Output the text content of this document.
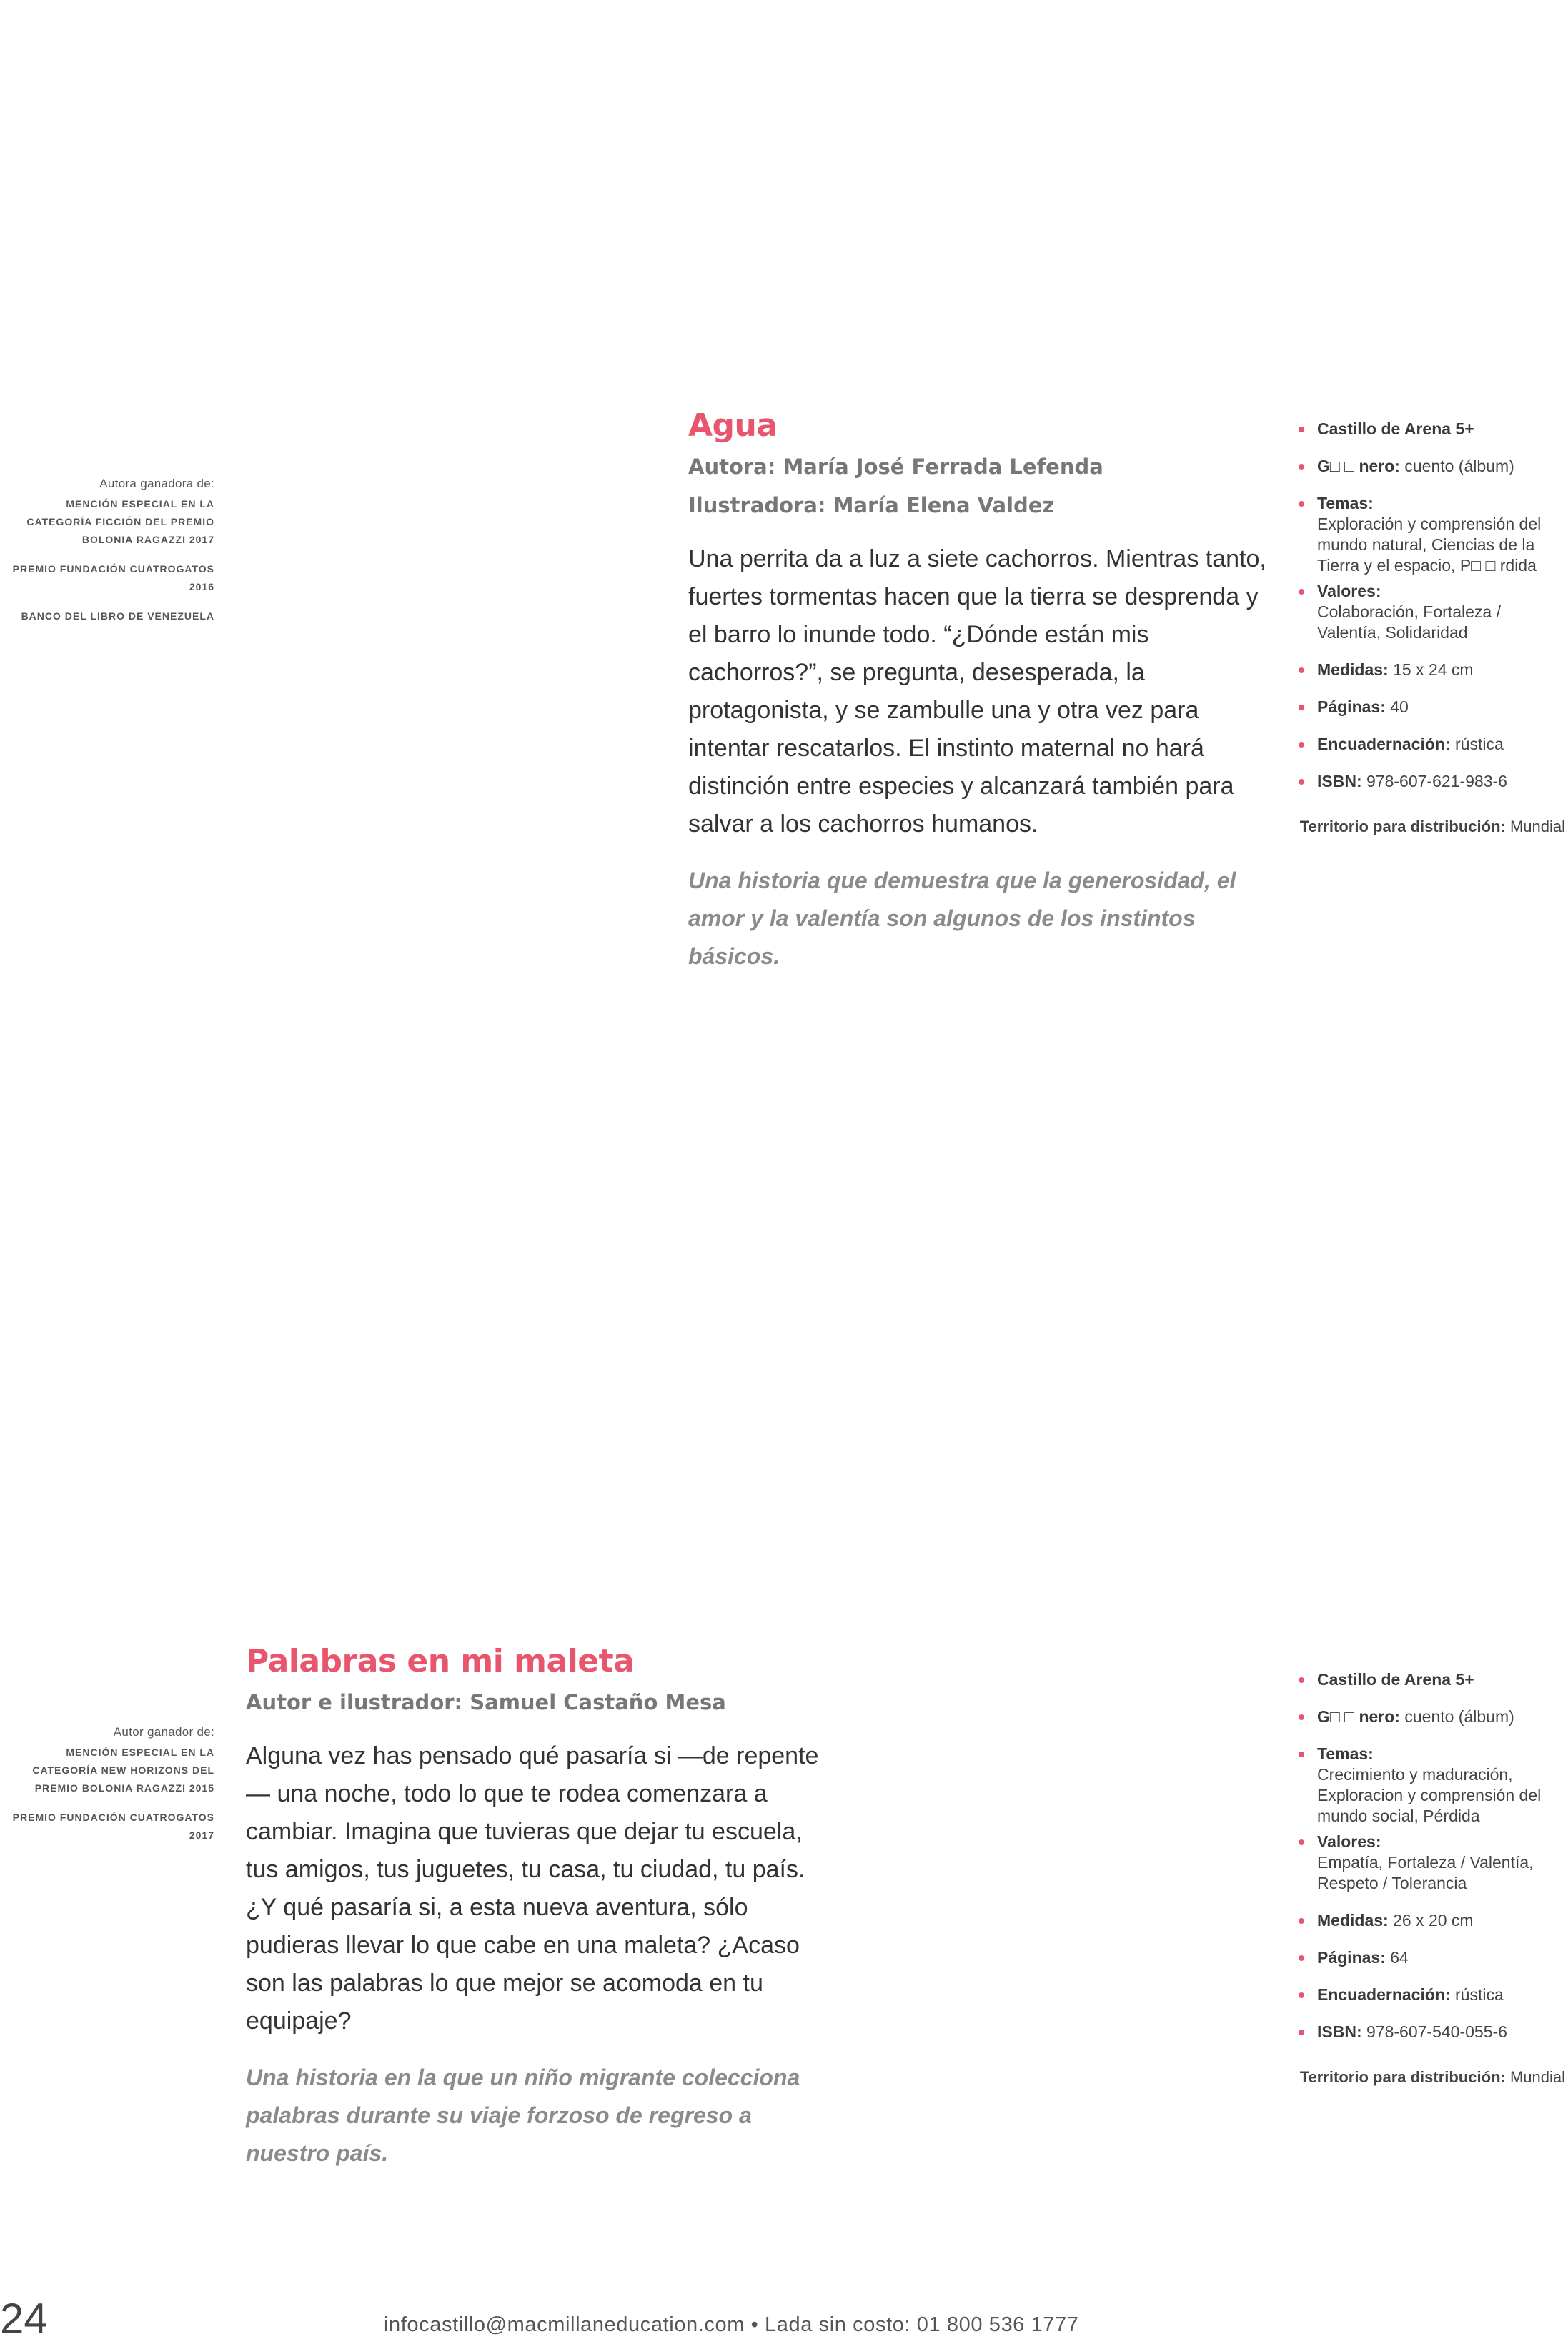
Autora ganadora de:
MENCIÓN ESPECIAL EN LA CATEGORÍA FICCIÓN DEL PREMIO BOLONIA RAGAZZI 2017
PREMIO FUNDACIÓN CUATROGATOS 2016
BANCO DEL LIBRO DE VENEZUELA
Agua
Autora: María José Ferrada Lefenda
Ilustradora: María Elena Valdez

Una perrita da a luz a siete cachorros. Mientras tanto, fuertes tormentas hacen que la tierra se desprenda y el barro lo inunde todo. “¿Dónde están mis cachorros?”, se pregunta, desesperada, la protagonista, y se zambulle una y otra vez para intentar rescatarlos. El instinto maternal no hará distinción entre especies y alcanzará también para salvar a los cachorros humanos.

Una historia que demuestra que la generosidad, el amor y la valentía son algunos de los instintos básicos.

Castillo de Arena 5+
G□ □ nero: cuento (álbum)
Temas:
Exploración y comprensión del mundo natural, Ciencias de la Tierra y el espacio, P□ □ rdida
Valores:
Colaboración, Fortaleza / Valentía, Solidaridad
Medidas: 15 x 24 cm
Páginas: 40
Encuadernación: rústica
ISBN: 978-607-621-983-6
Territorio para distribución: Mundial
Autor ganador de:
MENCIÓN ESPECIAL EN LA CATEGORÍA NEW HORIZONS DEL PREMIO BOLONIA RAGAZZI 2015
PREMIO FUNDACIÓN CUATROGATOS 2017
Palabras en mi maleta
Autor e ilustrador: Samuel Castaño Mesa

Alguna vez has pensado qué pasaría si —de repente— una noche, todo lo que te rodea comenzara a cambiar. Imagina que tuvieras que dejar tu escuela, tus amigos, tus juguetes, tu casa, tu ciudad, tu país. ¿Y qué pasaría si, a esta nueva aventura, sólo pudieras llevar lo que cabe en una maleta? ¿Acaso son las palabras lo que mejor se acomoda en tu equipaje?

Una historia en la que un niño migrante colecciona palabras durante su viaje forzoso de regreso a nuestro país.

Castillo de Arena 5+
G□ □ nero: cuento (álbum)
Temas:
Crecimiento y maduración, Exploracion y comprensión del mundo social, Pérdida
Valores:
Empatía, Fortaleza / Valentía, Respeto / Tolerancia
Medidas: 26 x 20 cm
Páginas: 64
Encuadernación: rústica
ISBN: 978-607-540-055-6
Territorio para distribución: Mundial
24	infocastillo@macmillaneducation.com • Lada sin costo: 01 800 536 1777
